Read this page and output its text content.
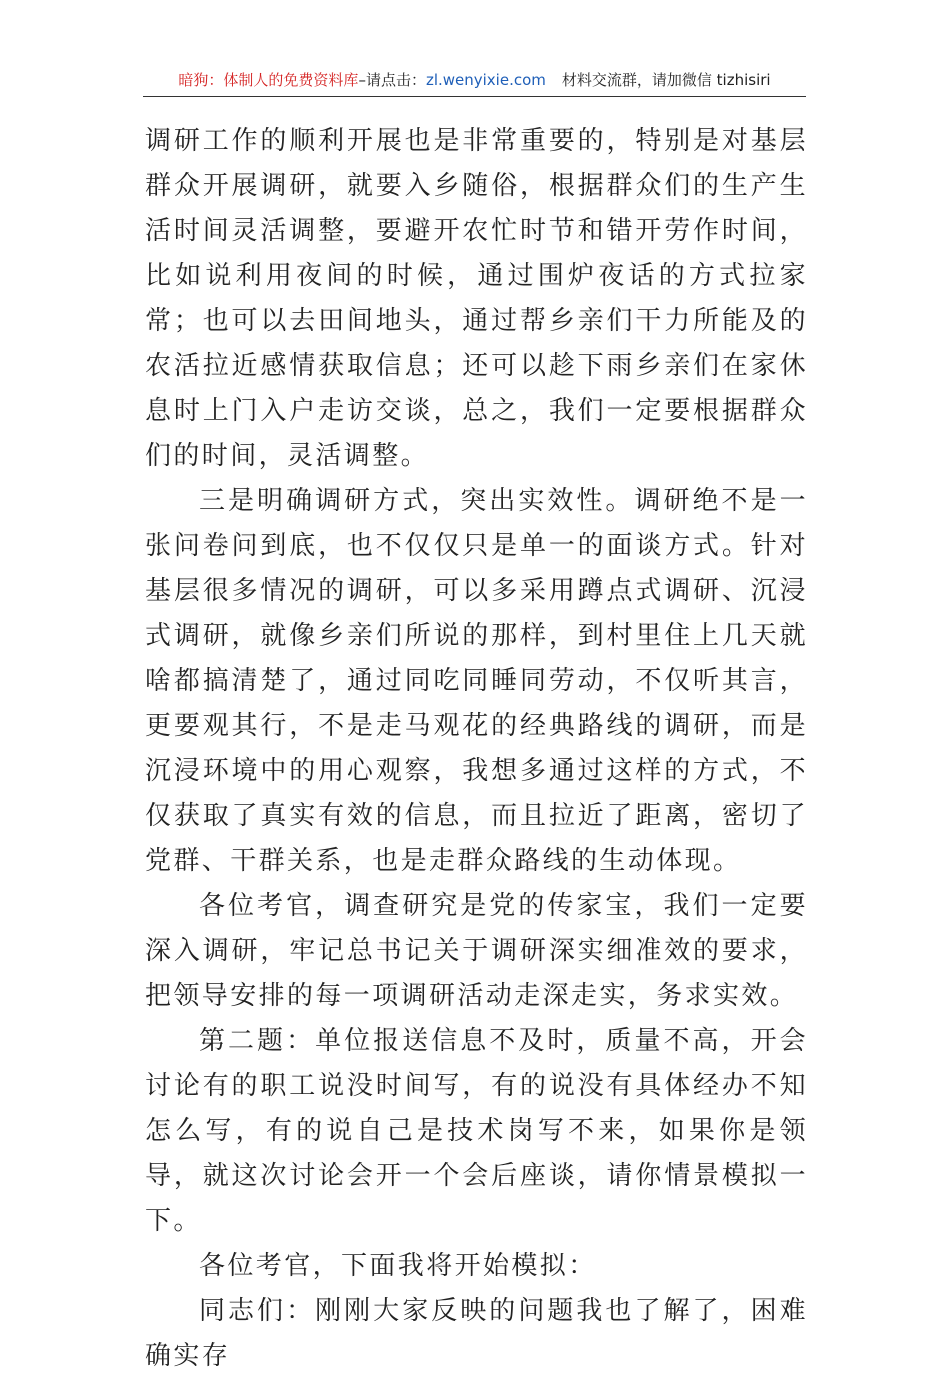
暗狗：体制人的免费资料库–请点击：zl.wenyixie.com 材料交流群，请加微信 tizhisiri

调研工作的顺利开展也是非常重要的，特别是对基层群众开展调研，就要入乡随俗，根据群众们的生产生活时间灵活调整，要避开农忙时节和错开劳作时间，比如说利用夜间的时候，通过围炉夜话的方式拉家常；也可以去田间地头，通过帮乡亲们干力所能及的农活拉近感情获取信息；还可以趁下雨乡亲们在家休息时上门入户走访交谈，总之，我们一定要根据群众们的时间，灵活调整。

三是明确调研方式，突出实效性。调研绝不是一张问卷问到底，也不仅仅只是单一的面谈方式。针对基层很多情况的调研，可以多采用蹲点式调研、沉浸式调研，就像乡亲们所说的那样，到村里住上几天就啥都搞清楚了，通过同吃同睡同劳动，不仅听其言，更要观其行，不是走马观花的经典路线的调研，而是沉浸环境中的用心观察，我想多通过这样的方式，不仅获取了真实有效的信息，而且拉近了距离，密切了党群、干群关系，也是走群众路线的生动体现。

各位考官，调查研究是党的传家宝，我们一定要深入调研，牢记总书记关于调研深实细准效的要求，把领导安排的每一项调研活动走深走实，务求实效。

第二题：单位报送信息不及时，质量不高，开会讨论有的职工说没时间写，有的说没有具体经办不知怎么写，有的说自己是技术岗写不来，如果你是领导，就这次讨论会开一个会后座谈，请你情景模拟一下。

各位考官，下面我将开始模拟：

同志们：刚刚大家反映的问题我也了解了，困难确实存
